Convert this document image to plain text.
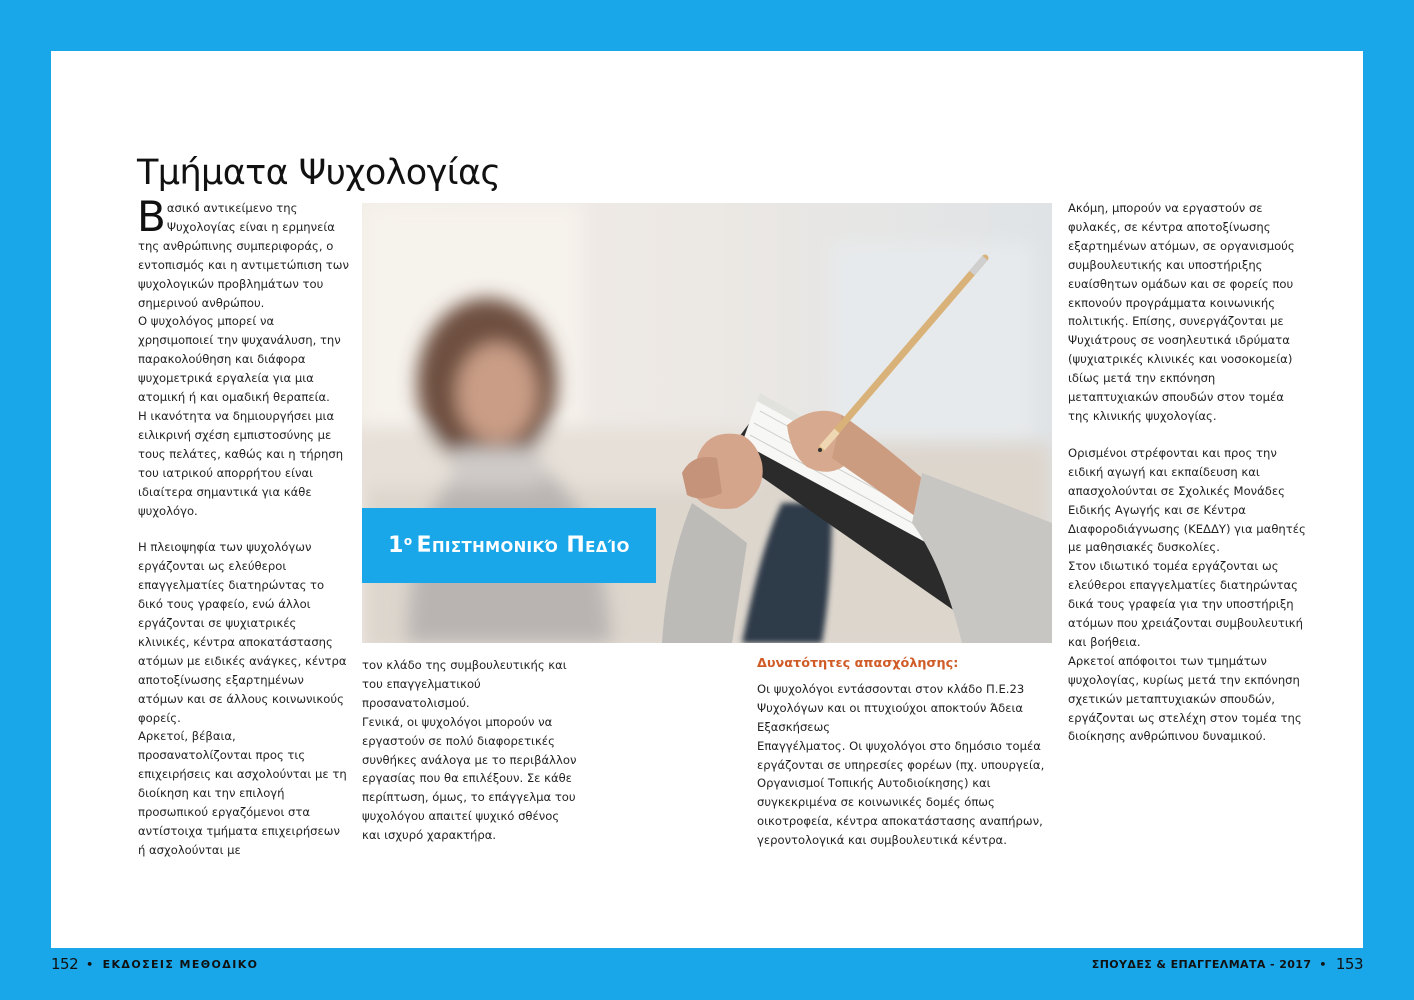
Τμήματα Ψυχολογίας
Β ασικό αντικείμενο της Ψυχολογίας είναι η ερμηνεία της ανθρώπινης συμπεριφοράς, ο εντοπισμός και η αντιμετώπιση των ψυχολογικών προβλημάτων του σημερινού ανθρώπου.
Ο ψυχολόγος μπορεί να χρησιμοποιεί την ψυχανάλυση, την παρακολούθηση και διάφορα ψυχομετρικά εργαλεία για μια ατομική ή και ομαδική θεραπεία.
Η ικανότητα να δημιουργήσει μια ειλικρινή σχέση εμπιστοσύνης με τους πελάτες, καθώς και η τήρηση του ιατρικού απορρήτου είναι ιδιαίτερα σημαντικά για κάθε ψυχολόγο.

Η πλειοψηφία των ψυχολόγων εργάζονται ως ελεύθεροι επαγγελματίες διατηρώντας το δικό τους γραφείο, ενώ άλλοι εργάζονται σε ψυχιατρικές κλινικές, κέντρα αποκατάστασης ατόμων με ειδικές ανάγκες, κέντρα αποτοξίνωσης εξαρτημένων ατόμων και σε άλλους κοινωνικούς φορείς.
Αρκετοί, βέβαια, προσανατολίζονται προς τις επιχειρήσεις και ασχολούνται με τη διοίκηση και την επιλογή προσωπικού εργαζόμενοι στα αντίστοιχα τμήματα επιχειρήσεων ή ασχολούνται με

$1^o$ Επιστημονικό Πεδίο

τον κλάδο της συμβουλευτικής και του επαγγελματικού προσανατολισμού.
Γενικά, οι ψυχολόγοι μπορούν να εργαστούν σε πολύ διαφορετικές συνθήκες ανάλογα με το περιβάλλον εργασίας που θα επιλέξουν. Σε κάθε περίπτωση, όμως, το επάγγελμα του ψυχολόγου απαιτεί ψυχικό σθένος και ισχυρό χαρακτήρα.

Δυνατότητες απασχόλησης:

Οι ψυχολόγοι εντάσσονται στον κλάδο Π.Ε.23 Ψυχολόγων και οι πτυχιούχοι αποκτούν Άδεια Εξασκήσεως
Επαγγέλματος. Οι ψυχολόγοι στο δημόσιο τομέα εργάζονται σε υπηρεσίες φορέων (πχ. υπουργεία, Οργανισμοί Τοπικής Αυτοδιοίκησης) και συγκεκριμένα σε κοινωνικές δομές όπως οικοτροφεία, κέντρα αποκατάστασης αναπήρων, γεροντολογικά και συμβουλευτικά κέντρα.

Ακόμη, μπορούν να εργαστούν σε φυλακές, σε κέντρα αποτοξίνωσης εξαρτημένων ατόμων, σε οργανισμούς συμβουλευτικής και υποστήριξης ευαίσθητων ομάδων και σε φορείς που εκπονούν προγράμματα κοινωνικής πολιτικής. Επίσης, συνεργάζονται με Ψυχιάτρους σε νοσηλευτικά ιδρύματα (ψυχιατρικές κλινικές και νοσοκομεία) ιδίως μετά την εκπόνηση μεταπτυχιακών σπουδών στον τομέα της κλινικής ψυχολογίας.

Ορισμένοι στρέφονται και προς την ειδική αγωγή και εκπαίδευση και απασχολούνται σε Σχολικές Μονάδες Ειδικής Αγωγής και σε Κέντρα Διαφοροδιάγνωσης (ΚΕΔΔΥ) για μαθητές με μαθησιακές δυσκολίες.
Στον ιδιωτικό τομέα εργάζονται ως ελεύθεροι επαγγελματίες διατηρώντας δικά τους γραφεία για την υποστήριξη ατόμων που χρειάζονται συμβουλευτική και βοήθεια.
Αρκετοί απόφοιτοι των τμημάτων ψυχολογίας, κυρίως μετά την εκπόνηση σχετικών μεταπτυχιακών σπουδών, εργάζονται ως στελέχη στον τομέα της διοίκησης ανθρώπινου δυναμικού.

152 • ΕΚΔΟΣΕΙΣ ΜΕΘΟΔΙΚΟ	ΣΠΟΥΔΕΣ & ΕΠΑΓΓΕΛΜΑΤΑ - 2017 • 153
